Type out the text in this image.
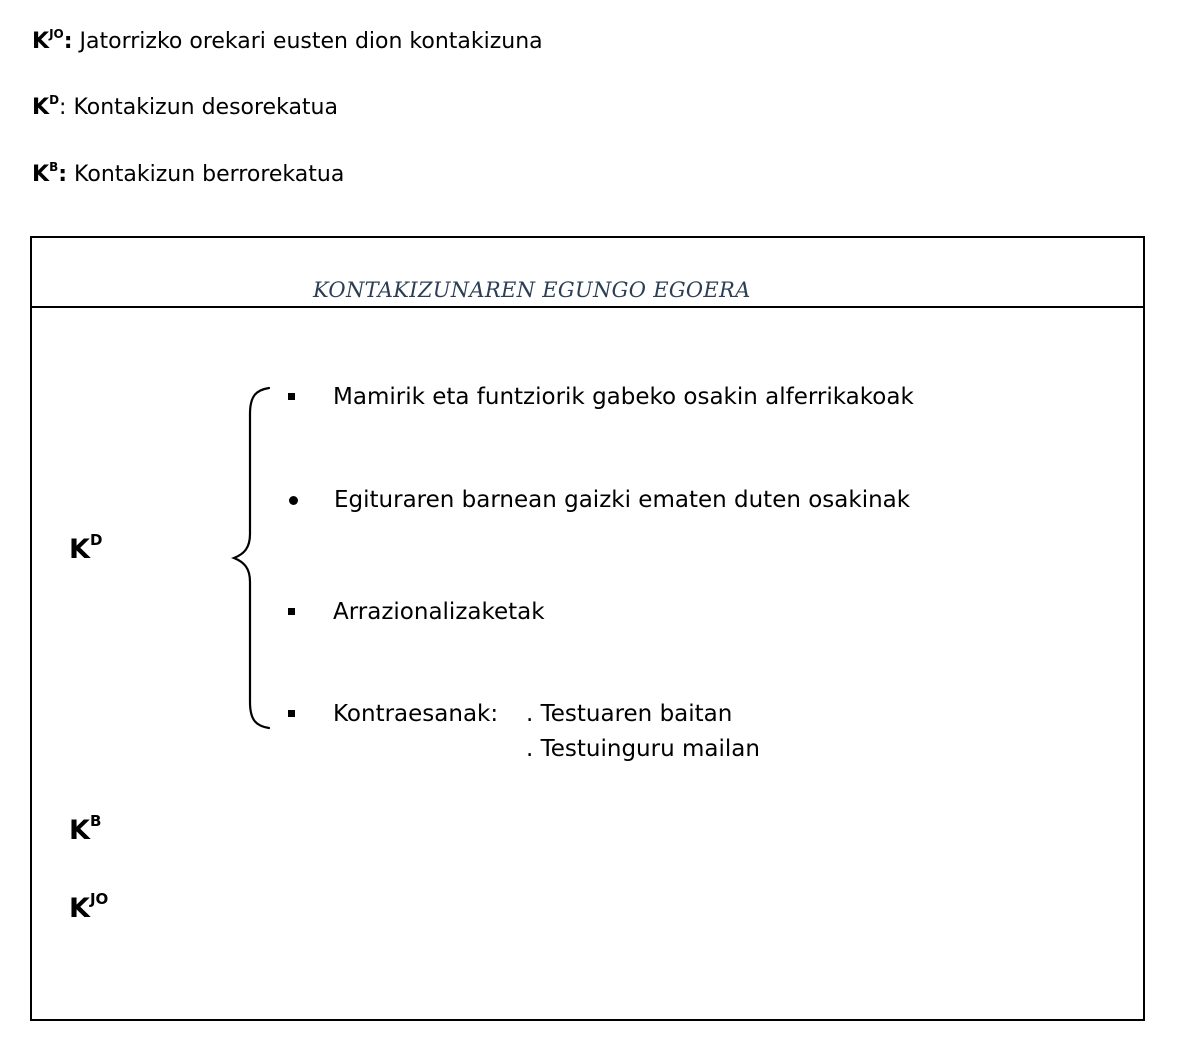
$K^{JO}$: Jatorrizko orekari eusten dion kontakizuna
$K^D$: Kontakizun desorekatua
$K^B$: Kontakizun berrorekatua
KONTAKIZUNAREN EGUNGO EGOERA
$K^D$
$K^B$
$K^{JO}$
Mamirik eta funtziorik gabeko osakin alferrikakoak
Egituraren barnean gaizki ematen duten osakinak
Arrazionalizaketak
Kontraesanak: . Testuaren baitan
. Testuinguru mailan
